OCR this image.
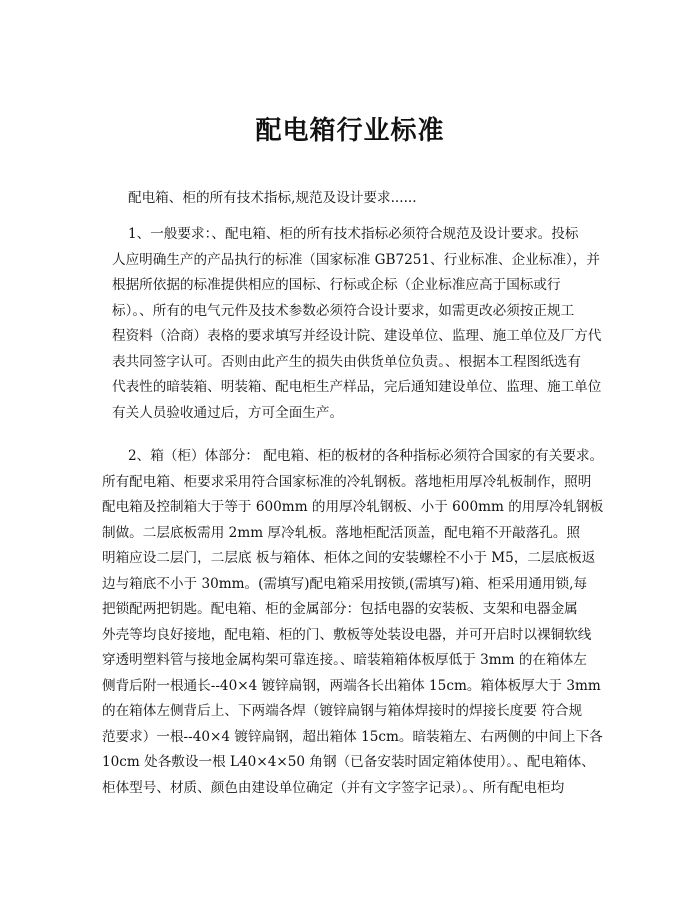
配电箱行业标准

配电箱、柜的所有技术指标,规范及设计要求......

1、一般要求：、配电箱、柜的所有技术指标必须符合规范及设计要求。投标
人应明确生产的产品执行的标准（国家标准 GB7251、行业标准、企业标准），并
根据所依据的标准提供相应的国标、行标或企标（企业标准应高于国标或行
标）。、所有的电气元件及技术参数必须符合设计要求，如需更改必须按正规工
程资料（洽商）表格的要求填写并经设计院、建设单位、监理、施工单位及厂方代
表共同签字认可。否则由此产生的损失由供货单位负责。、根据本工程图纸选有
代表性的暗装箱、明装箱、配电柜生产样品，完后通知建设单位、监理、施工单位
有关人员验收通过后，方可全面生产。
2、箱（柜）体部分： 配电箱、柜的板材的各种指标必须符合国家的有关要求。
所有配电箱、柜要求采用符合国家标准的冷轧钢板。落地柜用厚冷轧板制作，照明
配电箱及控制箱大于等于 600mm 的用厚冷轧钢板、小于 600mm 的用厚冷轧钢板
制做。二层底板需用 2mm 厚冷轧板。落地柜配活顶盖，配电箱不开敲落孔。照
明箱应设二层门，二层底 板与箱体、柜体之间的安装螺栓不小于 M5，二层底板返
边与箱底不小于 30mm。(需填写)配电箱采用按锁,(需填写)箱、柜采用通用锁,每
把锁配两把钥匙。配电箱、柜的金属部分：包括电器的安装板、支架和电器金属
外壳等均良好接地，配电箱、柜的门、敷板等处装设电器，并可开启时以裸铜软线
穿透明塑料管与接地金属构架可靠连接。、暗装箱箱体板厚低于 3mm 的在箱体左
侧背后附一根通长--40×4 镀锌扁钢，两端各长出箱体 15cm。箱体板厚大于 3mm
的在箱体左侧背后上、下两端各焊（镀锌扁钢与箱体焊接时的焊接长度要 符合规
范要求）一根--40×4 镀锌扁钢，超出箱体 15cm。暗装箱左、右两侧的中间上下各
10cm 处各敷设一根 L40×4×50 角钢（已备安装时固定箱体使用）。、配电箱体、
柜体型号、材质、颜色由建设单位确定（并有文字签字记录）。、所有配电柜均
